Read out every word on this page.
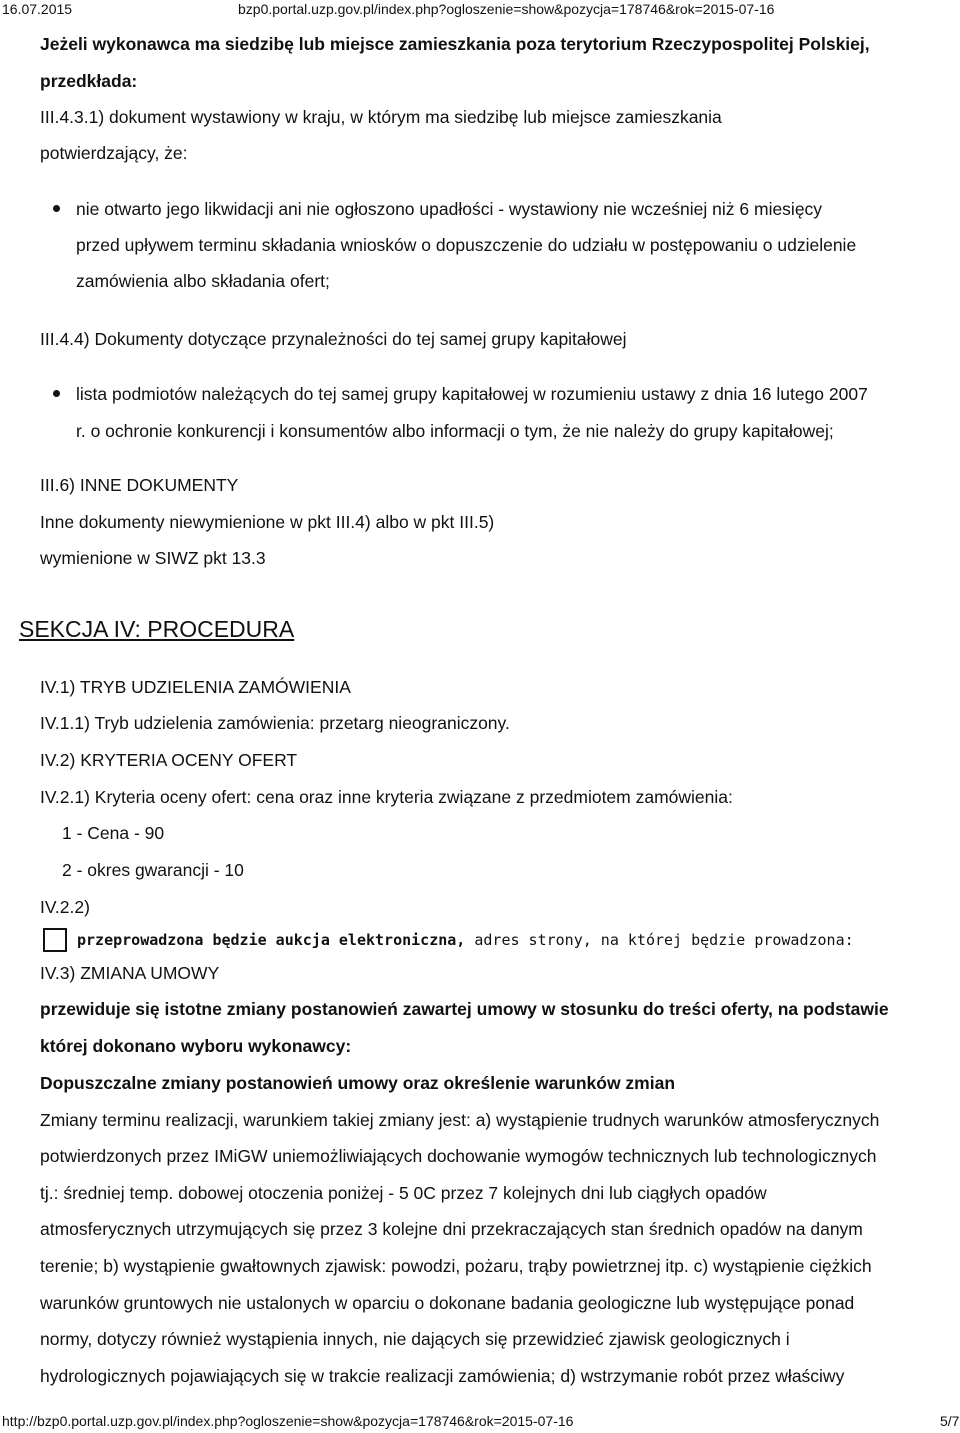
16.07.2015	bzp0.portal.uzp.gov.pl/index.php?ogloszenie=show&pozycja=178746&rok=2015-07-16
Jeżeli wykonawca ma siedzibę lub miejsce zamieszkania poza terytorium Rzeczypospolitej Polskiej,
przedkłada:
III.4.3.1) dokument wystawiony w kraju, w którym ma siedzibę lub miejsce zamieszkania
potwierdzający, że:
nie otwarto jego likwidacji ani nie ogłoszono upadłości - wystawiony nie wcześniej niż 6 miesięcy
przed upływem terminu składania wniosków o dopuszczenie do udziału w postępowaniu o udzielenie
zamówienia albo składania ofert;
III.4.4) Dokumenty dotyczące przynależności do tej samej grupy kapitałowej
lista podmiotów należących do tej samej grupy kapitałowej w rozumieniu ustawy z dnia 16 lutego 2007
r. o ochronie konkurencji i konsumentów albo informacji o tym, że nie należy do grupy kapitałowej;
III.6) INNE DOKUMENTY
Inne dokumenty niewymienione w pkt III.4) albo w pkt III.5)
wymienione w SIWZ pkt 13.3
SEKCJA IV: PROCEDURA
IV.1) TRYB UDZIELENIA ZAMÓWIENIA
IV.1.1) Tryb udzielenia zamówienia: przetarg nieograniczony.
IV.2) KRYTERIA OCENY OFERT
IV.2.1) Kryteria oceny ofert: cena oraz inne kryteria związane z przedmiotem zamówienia:
1 - Cena - 90
2 - okres gwarancji - 10
IV.2.2)
przeprowadzona będzie aukcja elektroniczna, adres strony, na której będzie prowadzona:
IV.3) ZMIANA UMOWY
przewiduje się istotne zmiany postanowień zawartej umowy w stosunku do treści oferty, na podstawie
której dokonano wyboru wykonawcy:
Dopuszczalne zmiany postanowień umowy oraz określenie warunków zmian
Zmiany terminu realizacji, warunkiem takiej zmiany jest: a) wystąpienie trudnych warunków atmosferycznych
potwierdzonych przez IMiGW uniemożliwiających dochowanie wymogów technicznych lub technologicznych
tj.: średniej temp. dobowej otoczenia poniżej - 5 0C przez 7 kolejnych dni lub ciągłych opadów
atmosferycznych utrzymujących się przez 3 kolejne dni przekraczających stan średnich opadów na danym
terenie; b) wystąpienie gwałtownych zjawisk: powodzi, pożaru, trąby powietrznej itp. c) wystąpienie ciężkich
warunków gruntowych nie ustalonych w oparciu o dokonane badania geologiczne lub występujące ponad
normy, dotyczy również wystąpienia innych, nie dających się przewidzieć zjawisk geologicznych i
hydrologicznych pojawiających się w trakcie realizacji zamówienia; d) wstrzymanie robót przez właściwy
http://bzp0.portal.uzp.gov.pl/index.php?ogloszenie=show&pozycja=178746&rok=2015-07-16	5/7
